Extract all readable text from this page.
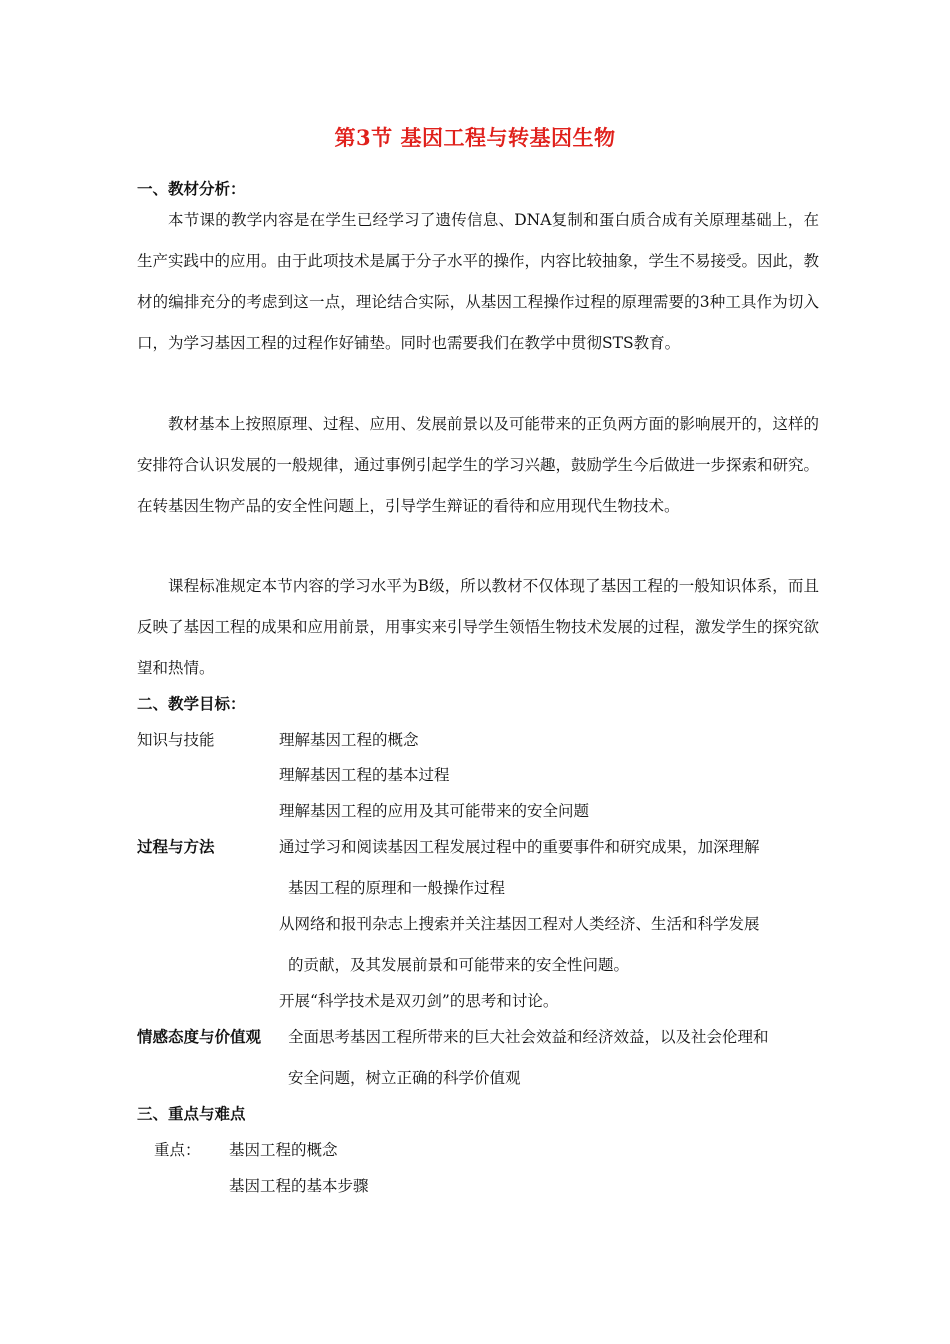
第3节 基因工程与转基因生物
一、教材分析：

本节课的教学内容是在学生已经学习了遗传信息、DNA复制和蛋白质合成有关原理基础上，在生产实践中的应用。由于此项技术是属于分子水平的操作，内容比较抽象，学生不易接受。因此，教材的编排充分的考虑到这一点，理论结合实际，从基因工程操作过程的原理需要的3种工具作为切入口，为学习基因工程的过程作好铺垫。同时也需要我们在教学中贯彻STS教育。

教材基本上按照原理、过程、应用、发展前景以及可能带来的正负两方面的影响展开的，这样的安排符合认识发展的一般规律，通过事例引起学生的学习兴趣，鼓励学生今后做进一步探索和研究。在转基因生物产品的安全性问题上，引导学生辩证的看待和应用现代生物技术。

课程标准规定本节内容的学习水平为B级，所以教材不仅体现了基因工程的一般知识体系，而且反映了基因工程的成果和应用前景，用事实来引导学生领悟生物技术发展的过程，激发学生的探究欲望和热情。

二、教学目标：
知识与技能	理解基因工程的概念
理解基因工程的基本过程
理解基因工程的应用及其可能带来的安全问题
过程与方法	通过学习和阅读基因工程发展过程中的重要事件和研究成果，加深理解
基因工程的原理和一般操作过程
从网络和报刊杂志上搜索并关注基因工程对人类经济、生活和科学发展
的贡献，及其发展前景和可能带来的安全性问题。
开展“科学技术是双刃剑”的思考和讨论。
情感态度与价值观 全面思考基因工程所带来的巨大社会效益和经济效益，以及社会伦理和
安全问题，树立正确的科学价值观
三、重点与难点
重点： 基因工程的概念
基因工程的基本步骤
